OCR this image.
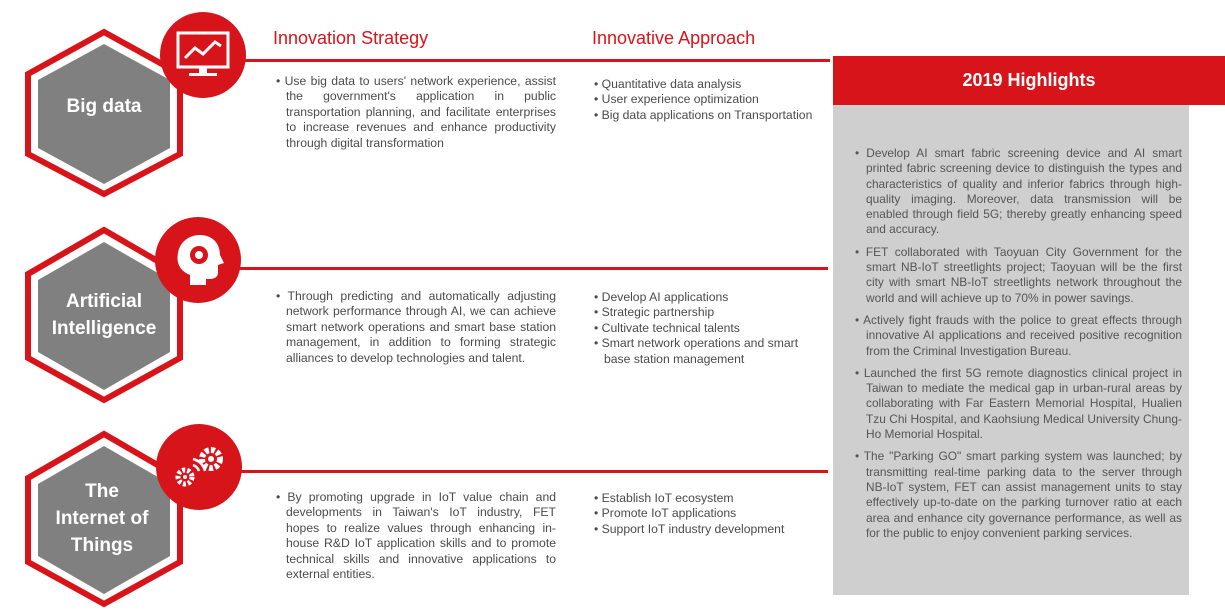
Innovation Strategy	Innovative Approach
Big data
• Use big data to users' network experience, assist the government's application in public transportation planning, and facilitate enterprises to increase revenues and enhance productivity through digital transformation
• Quantitative data analysis
• User experience optimization
• Big data applications on Transportation
Artificial
Intelligence
• Through predicting and automatically adjusting network performance through AI, we can achieve smart network operations and smart base station management, in addition to forming strategic alliances to develop technologies and talent.
• Develop AI applications
• Strategic partnership
• Cultivate technical talents
• Smart network operations and smart base station management
The
Internet of
Things
• By promoting upgrade in IoT value chain and developments in Taiwan's IoT industry, FET hopes to realize values through enhancing in-house R&D IoT application skills and to promote technical skills and innovative applications to external entities.
• Establish IoT ecosystem
• Promote IoT applications
• Support IoT industry development
2019 Highlights
• Develop AI smart fabric screening device and AI smart printed fabric screening device to distinguish the types and characteristics of quality and inferior fabrics through high-quality imaging. Moreover, data transmission will be enabled through field 5G; thereby greatly enhancing speed and accuracy.
• FET collaborated with Taoyuan City Government for the smart NB-IoT streetlights project; Taoyuan will be the first city with smart NB-IoT streetlights network throughout the world and will achieve up to 70% in power savings.
• Actively fight frauds with the police to great effects through innovative AI applications and received positive recognition from the Criminal Investigation Bureau.
• Launched the first 5G remote diagnostics clinical project in Taiwan to mediate the medical gap in urban-rural areas by collaborating with Far Eastern Memorial Hospital, Hualien Tzu Chi Hospital, and Kaohsiung Medical University Chung-Ho Memorial Hospital.
• The "Parking GO" smart parking system was launched; by transmitting real-time parking data to the server through NB-IoT system, FET can assist management units to stay effectively up-to-date on the parking turnover ratio at each area and enhance city governance performance, as well as for the public to enjoy convenient parking services.
